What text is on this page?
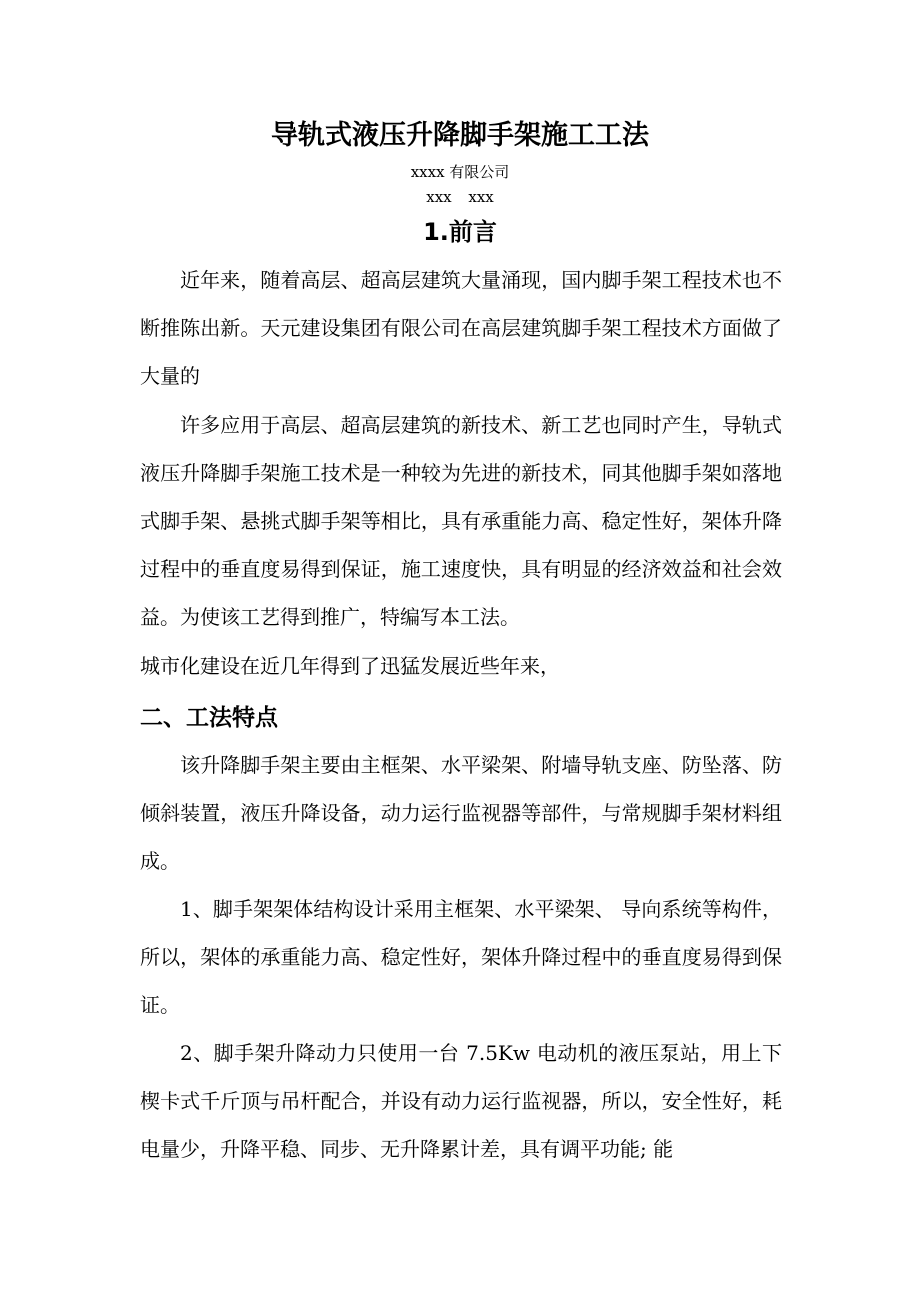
导轨式液压升降脚手架施工工法
xxxx 有限公司
xxx xxx
1.前言

近年来，随着高层、超高层建筑大量涌现，国内脚手架工程技术也不断推陈出新。天元建设集团有限公司在高层建筑脚手架工程技术方面做了大量的

许多应用于高层、超高层建筑的新技术、新工艺也同时产生，导轨式液压升降脚手架施工技术是一种较为先进的新技术，同其他脚手架如落地式脚手架、悬挑式脚手架等相比，具有承重能力高、稳定性好，架体升降过程中的垂直度易得到保证，施工速度快，具有明显的经济效益和社会效益。为使该工艺得到推广，特编写本工法。

城市化建设在近几年得到了迅猛发展近些年来，

二、工法特点

该升降脚手架主要由主框架、水平梁架、附墙导轨支座、防坠落、防倾斜装置，液压升降设备，动力运行监视器等部件，与常规脚手架材料组成。

1、脚手架架体结构设计采用主框架、水平梁架、 导向系统等构件，所以，架体的承重能力高、稳定性好，架体升降过程中的垂直度易得到保证。

2、脚手架升降动力只使用一台 7.5Kw 电动机的液压泵站，用上下楔卡式千斤顶与吊杆配合，并设有动力运行监视器，所以，安全性好，耗电量少，升降平稳、同步、无升降累计差，具有调平功能; 能
